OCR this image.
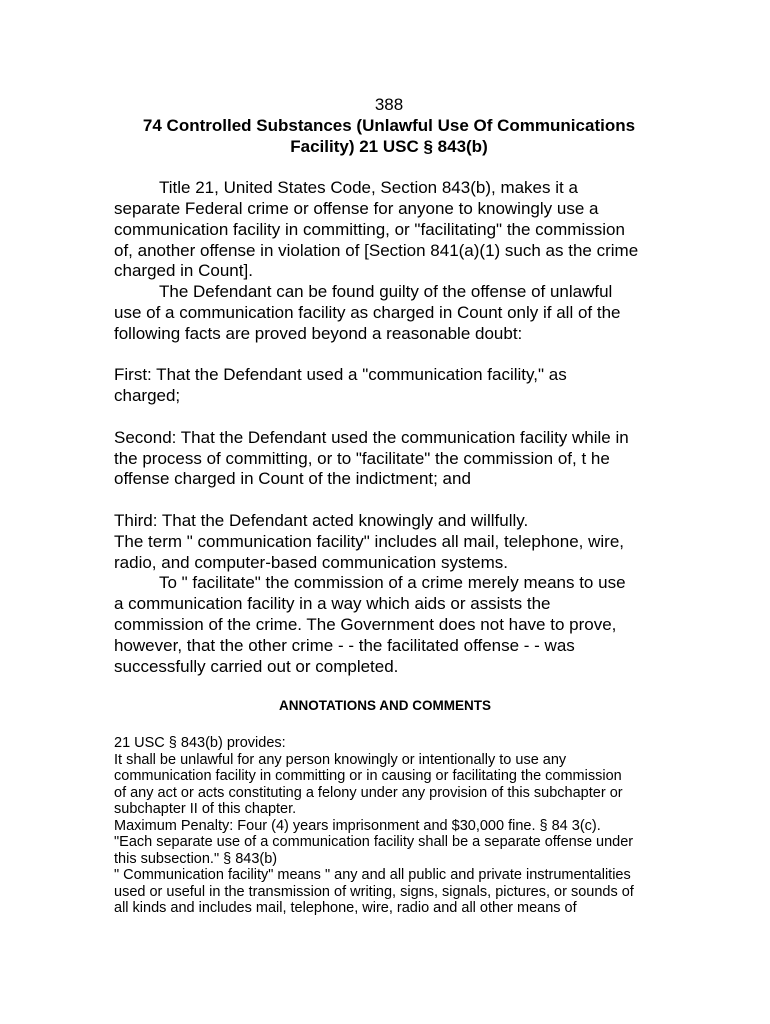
388
74 Controlled Substances (Unlawful Use Of Communications
Facility) 21 USC § 843(b)
Title 21, United States Code, Section 843(b), makes it a
separate Federal crime or offense for anyone to knowingly use a
communication facility in committing, or "facilitating" the commission
of, another offense in violation of [Section 841(a)(1) such as the crime
charged in Count].
The Defendant can be found guilty of the offense of unlawful
use of a communication facility as charged in Count only if all of the
following facts are proved beyond a reasonable doubt:
First: That the Defendant used a "communication facility," as
charged;
Second: That the Defendant used the communication facility while in
the process of committing, or to "facilitate" the commission of, t he
offense charged in Count of the indictment; and
Third: That the Defendant acted knowingly and willfully.
The term " communication facility" includes all mail, telephone, wire,
radio, and computer-based communication systems.
To " facilitate" the commission of a crime merely means to use
a communication facility in a way which aids or assists the
commission of the crime. The Government does not have to prove,
however, that the other crime - - the facilitated offense - - was
successfully carried out or completed.
ANNOTATIONS AND COMMENTS
21 USC § 843(b) provides:
It shall be unlawful for any person knowingly or intentionally to use any
communication facility in committing or in causing or facilitating the commission
of any act or acts constituting a felony under any provision of this subchapter or
subchapter II of this chapter.
Maximum Penalty: Four (4) years imprisonment and $30,000 fine. § 84 3(c).
"Each separate use of a communication facility shall be a separate offense under
this subsection." § 843(b)
" Communication facility" means " any and all public and private instrumentalities
used or useful in the transmission of writing, signs, signals, pictures, or sounds of
all kinds and includes mail, telephone, wire, radio and all other means of
